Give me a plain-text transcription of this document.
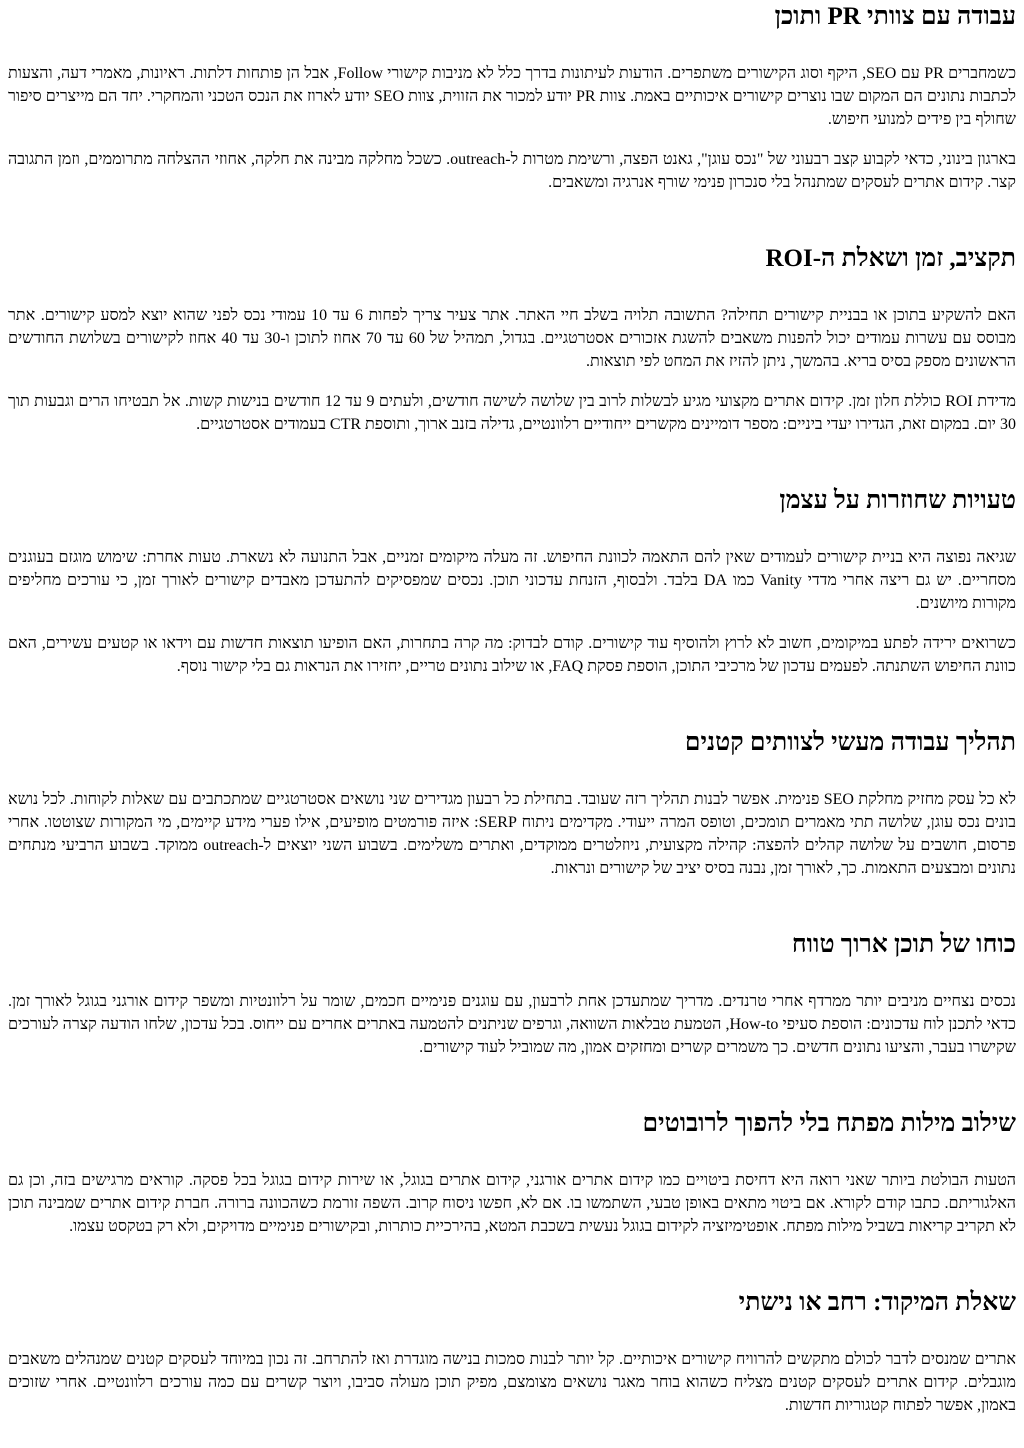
עבודה עם צוותי PR ותוכן

כשמחברים PR עם SEO, היקף וסוג הקישורים משתפרים. הודעות לעיתונות בדרך כלל לא מניבות קישורי Follow, אבל הן פותחות דלתות. ראיונות, מאמרי דעה, והצעות לכתבות נתונים הם המקום שבו נוצרים קישורים איכותיים באמת. צוות PR יודע למכור את הזווית, צוות SEO יודע לארוז את הנכס הטכני והמחקרי. יחד הם מייצרים סיפור שחולף בין פידים למנועי חיפוש.

בארגון בינוני, כדאי לקבוע קצב רבעוני של "נכס עוגן", גאנט הפצה, ורשימת מטרות ל-outreach. כשכל מחלקה מבינה את חלקה, אחוזי ההצלחה מתרוממים, וזמן התגובה קצר. קידום אתרים לעסקים שמתנהל בלי סנכרון פנימי שורף אנרגיה ומשאבים.

תקציב, זמן ושאלת ה-ROI

האם להשקיע בתוכן או בבניית קישורים תחילה? התשובה תלויה בשלב חיי האתר. אתר צעיר צריך לפחות 6 עד 10 עמודי נכס לפני שהוא יוצא למסע קישורים. אתר מבוסס עם עשרות עמודים יכול להפנות משאבים להשגת אזכורים אסטרטגיים. בגדול, תמהיל של 60 עד 70 אחוז לתוכן ו-30 עד 40 אחוז לקישורים בשלושת החודשים הראשונים מספק בסיס בריא. בהמשך, ניתן להזיז את המחט לפי תוצאות.

מדידת ROI כוללת חלון זמן. קידום אתרים מקצועי מגיע לבשלות לרוב בין שלושה לשישה חודשים, ולעתים 9 עד 12 חודשים בנישות קשות. אל תבטיחו הרים וגבעות תוך 30 יום. במקום זאת, הגדירו יעדי ביניים: מספר דומיינים מקשרים ייחודיים רלוונטיים, גדילה בזנב ארוך, ותוספת CTR בעמודים אסטרטגיים.

טעויות שחוזרות על עצמן

שגיאה נפוצה היא בניית קישורים לעמודים שאין להם התאמה לכוונת החיפוש. זה מעלה מיקומים זמניים, אבל התנועה לא נשארת. טעות אחרת: שימוש מוגזם בעוגנים מסחריים. יש גם ריצה אחרי מדדי Vanity כמו DA בלבד. ולבסוף, הזנחת עדכוני תוכן. נכסים שמפסיקים להתעדכן מאבדים קישורים לאורך זמן, כי עורכים מחליפים מקורות מיושנים.

כשרואים ירידה לפתע במיקומים, חשוב לא לרוץ ולהוסיף עוד קישורים. קודם לבדוק: מה קרה בתחרות, האם הופיעו תוצאות חדשות עם וידאו או קטעים עשירים, האם כוונת החיפוש השתנתה. לפעמים עדכון של מרכיבי התוכן, הוספת פסקת FAQ, או שילוב נתונים טריים, יחזירו את הנראות גם בלי קישור נוסף.

תהליך עבודה מעשי לצוותים קטנים

לא כל עסק מחזיק מחלקת SEO פנימית. אפשר לבנות תהליך רזה שעובד. בתחילת כל רבעון מגדירים שני נושאים אסטרטגיים שמתכתבים עם שאלות לקוחות. לכל נושא בונים נכס עוגן, שלושה תתי מאמרים תומכים, וטופס המרה ייעודי. מקדימים ניתוח SERP: איזה פורמטים מופיעים, אילו פערי מידע קיימים, מי המקורות שצוטטו. אחרי פרסום, חושבים על שלושה קהלים להפצה: קהילה מקצועית, ניוזלטרים ממוקדים, ואתרים משלימים. בשבוע השני יוצאים ל-outreach ממוקד. בשבוע הרביעי מנתחים נתונים ומבצעים התאמות. כך, לאורך זמן, נבנה בסיס יציב של קישורים ונראות.

כוחו של תוכן ארוך טווח

נכסים נצחיים מניבים יותר ממרדף אחרי טרנדים. מדריך שמתעדכן אחת לרבעון, עם עוגנים פנימיים חכמים, שומר על רלוונטיות ומשפר קידום אורגני בגוגל לאורך זמן. כדאי לתכנן לוח עדכונים: הוספת סעיפי How-to, הטמעת טבלאות השוואה, וגרפים שניתנים להטמעה באתרים אחרים עם ייחוס. בכל עדכון, שלחו הודעה קצרה לעורכים שקישרו בעבר, והציעו נתונים חדשים. כך משמרים קשרים ומחזקים אמון, מה שמוביל לעוד קישורים.

שילוב מילות מפתח בלי להפוך לרובוטים

הטעות הבולטת ביותר שאני רואה היא דחיסת ביטויים כמו קידום אתרים אורגני, קידום אתרים בגוגל, או שירות קידום בגוגל בכל פסקה. קוראים מרגישים בזה, וכן גם האלגוריתם. כתבו קודם לקורא. אם ביטוי מתאים באופן טבעי, השתמשו בו. אם לא, חפשו ניסוח קרוב. השפה זורמת כשהכוונה ברורה. חברת קידום אתרים שמבינה תוכן לא תקריב קריאות בשביל מילות מפתח. אופטימיזציה לקידום בגוגל נעשית בשכבת המטא, בהירכיית כותרות, ובקישורים פנימיים מדויקים, ולא רק בטקסט עצמו.

שאלת המיקוד: רחב או נישתי

אתרים שמנסים לדבר לכולם מתקשים להרוויח קישורים איכותיים. קל יותר לבנות סמכות בנישה מוגדרת ואז להתרחב. זה נכון במיוחד לעסקים קטנים שמנהלים משאבים מוגבלים. קידום אתרים לעסקים קטנים מצליח כשהוא בוחר מאגר נושאים מצומצם, מפיק תוכן מעולה סביבו, ויוצר קשרים עם כמה עורכים רלוונטיים. אחרי שזוכים באמון, אפשר לפתוח קטגוריות חדשות.
